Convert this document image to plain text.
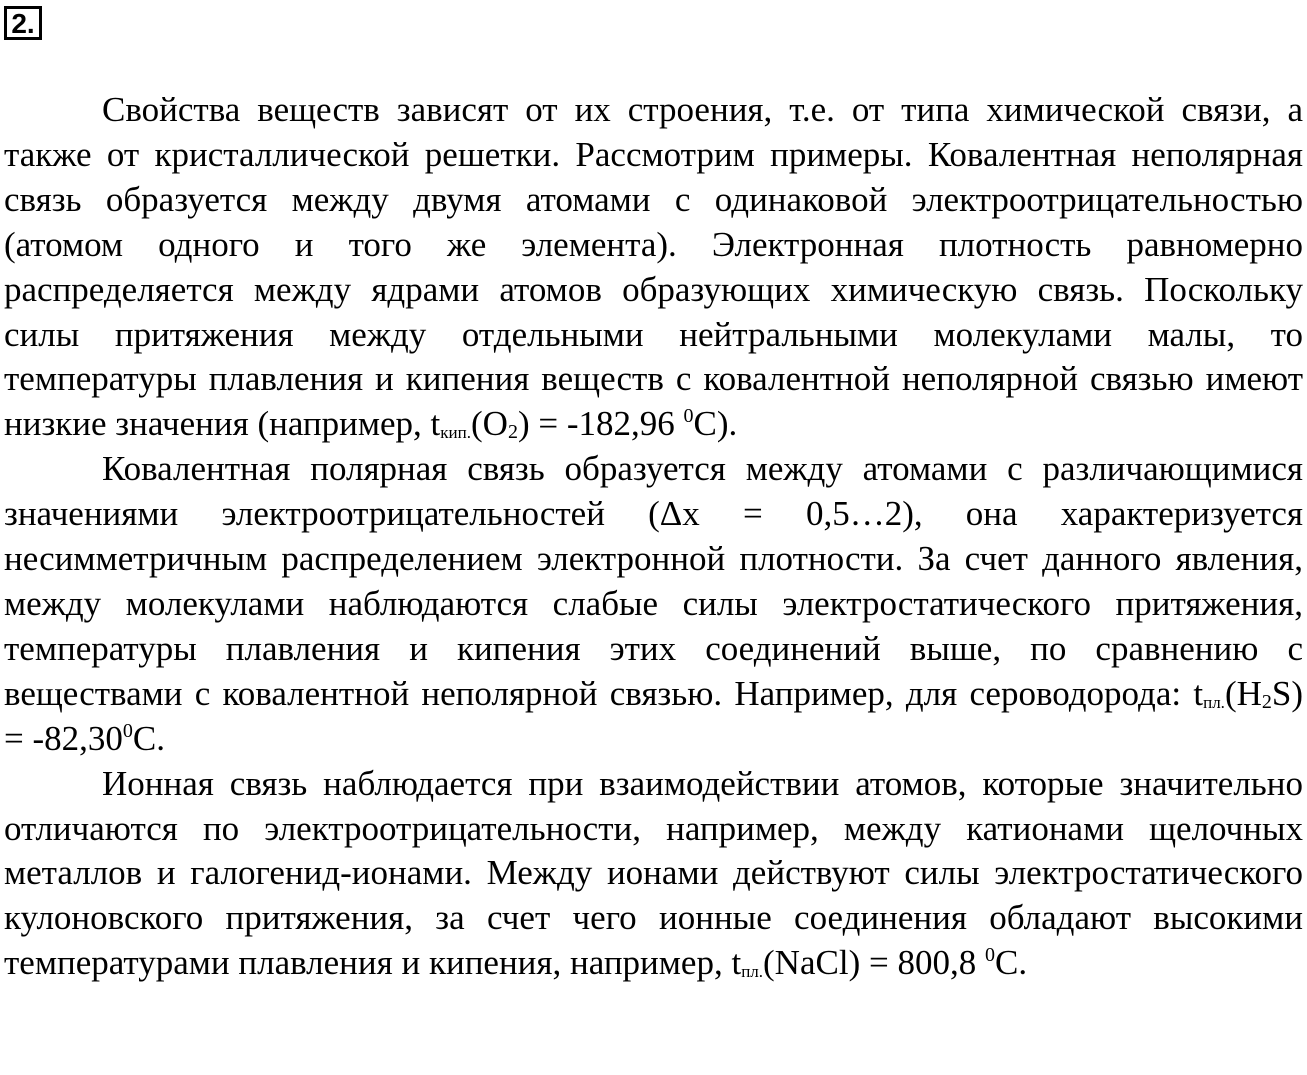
2.

Свойства веществ зависят от их строения, т.е. от типа химической связи, а также от кристаллической решетки. Рассмотрим примеры. Ковалентная неполярная связь образуется между двумя атомами с одинаковой электроотрицательностью (атомом одного и того же элемента). Электронная плотность равномерно распределяется между ядрами атомов образующих химическую связь. Поскольку силы притяжения между отдельными нейтральными молекулами малы, то температуры плавления и кипения веществ с ковалентной неполярной связью имеют низкие значения (например, $t_{кип.}(O_2) = -182,96$ $^0$C).

Ковалентная полярная связь образуется между атомами с различающимися значениями электроотрицательностей (Δx = 0,5…2), она характеризуется несимметричным распределением электронной плотности. За счет данного явления, между молекулами наблюдаются слабые силы электростатического притяжения, температуры плавления и кипения этих соединений выше, по сравнению с веществами с ковалентной неполярной связью. Например, для сероводорода: $t_{пл.}(H_2S) = -82,30^0C$.

Ионная связь наблюдается при взаимодействии атомов, которые значительно отличаются по электроотрицательности, например, между катионами щелочных металлов и галогенид-ионами. Между ионами действуют силы электростатического кулоновского притяжения, за счет чего ионные соединения обладают высокими температурами плавления и кипения, например, $t_{пл.}(NaCl) = 800,8$ $^0$C.
